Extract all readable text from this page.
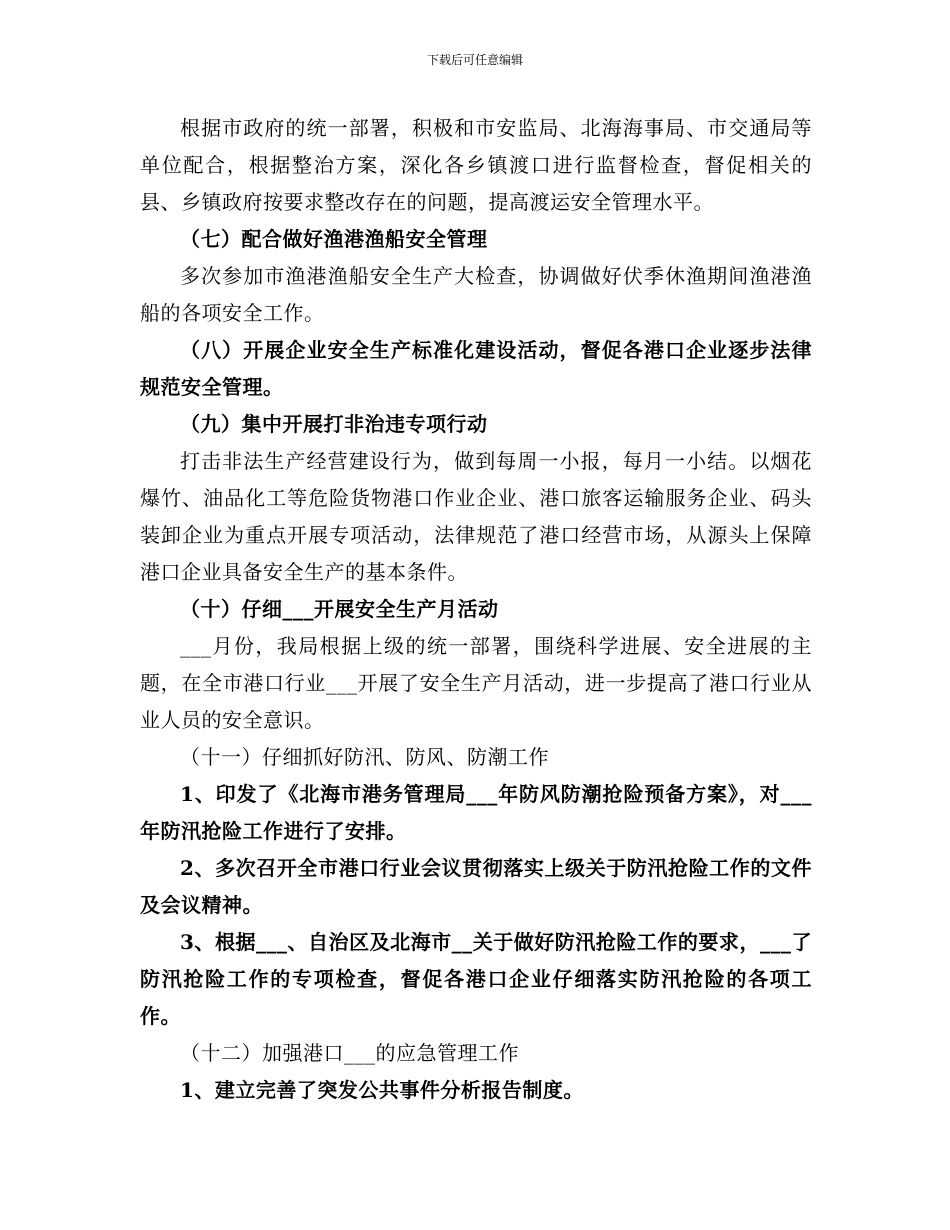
下载后可任意编辑

根据市政府的统一部署，积极和市安监局、北海海事局、市交通局等单位配合，根据整治方案，深化各乡镇渡口进行监督检查，督促相关的县、乡镇政府按要求整改存在的问题，提高渡运安全管理水平。

（七）配合做好渔港渔船安全管理

多次参加市渔港渔船安全生产大检查，协调做好伏季休渔期间渔港渔船的各项安全工作。

（八）开展企业安全生产标准化建设活动，督促各港口企业逐步法律规范安全管理。

（九）集中开展打非治违专项行动

打击非法生产经营建设行为，做到每周一小报，每月一小结。以烟花爆竹、油品化工等危险货物港口作业企业、港口旅客运输服务企业、码头装卸企业为重点开展专项活动，法律规范了港口经营市场，从源头上保障港口企业具备安全生产的基本条件。

（十）仔细___开展安全生产月活动

___月份，我局根据上级的统一部署，围绕科学进展、安全进展的主题，在全市港口行业___开展了安全生产月活动，进一步提高了港口行业从业人员的安全意识。

（十一）仔细抓好防汛、防风、防潮工作

1、印发了《北海市港务管理局___年防风防潮抢险预备方案》，对___年防汛抢险工作进行了安排。

2、多次召开全市港口行业会议贯彻落实上级关于防汛抢险工作的文件及会议精神。

3、根据___、自治区及北海市__关于做好防汛抢险工作的要求，___了防汛抢险工作的专项检查，督促各港口企业仔细落实防汛抢险的各项工作。

（十二）加强港口___的应急管理工作

1、建立完善了突发公共事件分析报告制度。
